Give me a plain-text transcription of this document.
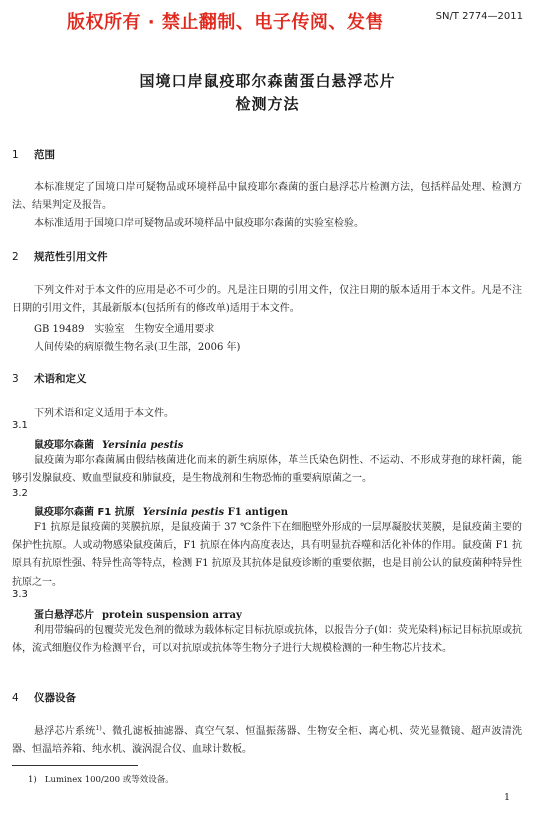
版权所有 · 禁止翻制、电子传阅、发售	SN/T 2774—2011
国境口岸鼠疫耶尔森菌蛋白悬浮芯片
检测方法
1 范围

本标准规定了国境口岸可疑物品或环境样品中鼠疫耶尔森菌的蛋白悬浮芯片检测方法，包括样品处理、检测方法、结果判定及报告。

本标准适用于国境口岸可疑物品或环境样品中鼠疫耶尔森菌的实验室检验。

2 规范性引用文件

下列文件对于本文件的应用是必不可少的。凡是注日期的引用文件，仅注日期的版本适用于本文件。凡是不注日期的引用文件，其最新版本(包括所有的修改单)适用于本文件。

GB 19489　实验室　生物安全通用要求
人间传染的病原微生物名录(卫生部，2006 年)
3 术语和定义
下列术语和定义适用于本文件。
3.1
鼠疫耶尔森菌 Yersinia pestis

鼠疫菌为耶尔森菌属由假结核菌进化而来的新生病原体，革兰氏染色阴性、不运动、不形成芽孢的球杆菌，能够引发腺鼠疫、败血型鼠疫和肺鼠疫，是生物战剂和生物恐怖的重要病原菌之一。

3.2
鼠疫耶尔森菌 F1 抗原 Yersinia pestis F1 antigen

F1 抗原是鼠疫菌的荚膜抗原，是鼠疫菌于 37 ℃条件下在细胞壁外形成的一层厚凝胶状荚膜，是鼠疫菌主要的保护性抗原。人或动物感染鼠疫菌后，F1 抗原在体内高度表达，具有明显抗吞噬和活化补体的作用。鼠疫菌 F1 抗原具有抗原性强、特异性高等特点，检测 F1 抗原及其抗体是鼠疫诊断的重要依据，也是目前公认的鼠疫菌种特异性抗原之一。

3.3
蛋白悬浮芯片 protein suspension array

利用带编码的包覆荧光发色剂的微球为载体标定目标抗原或抗体，以报告分子(如：荧光染料)标记目标抗原或抗体，流式细胞仪作为检测平台，可以对抗原或抗体等生物分子进行大规模检测的一种生物芯片技术。

4 仪器设备

悬浮芯片系统$^{1)}$、微孔滤板抽滤器、真空气泵、恒温振荡器、生物安全柜、离心机、荧光显微镜、超声波清洗器、恒温培养箱、纯水机、漩涡混合仪、血球计数板。

1) Luminex 100/200 或等效设备。
1
